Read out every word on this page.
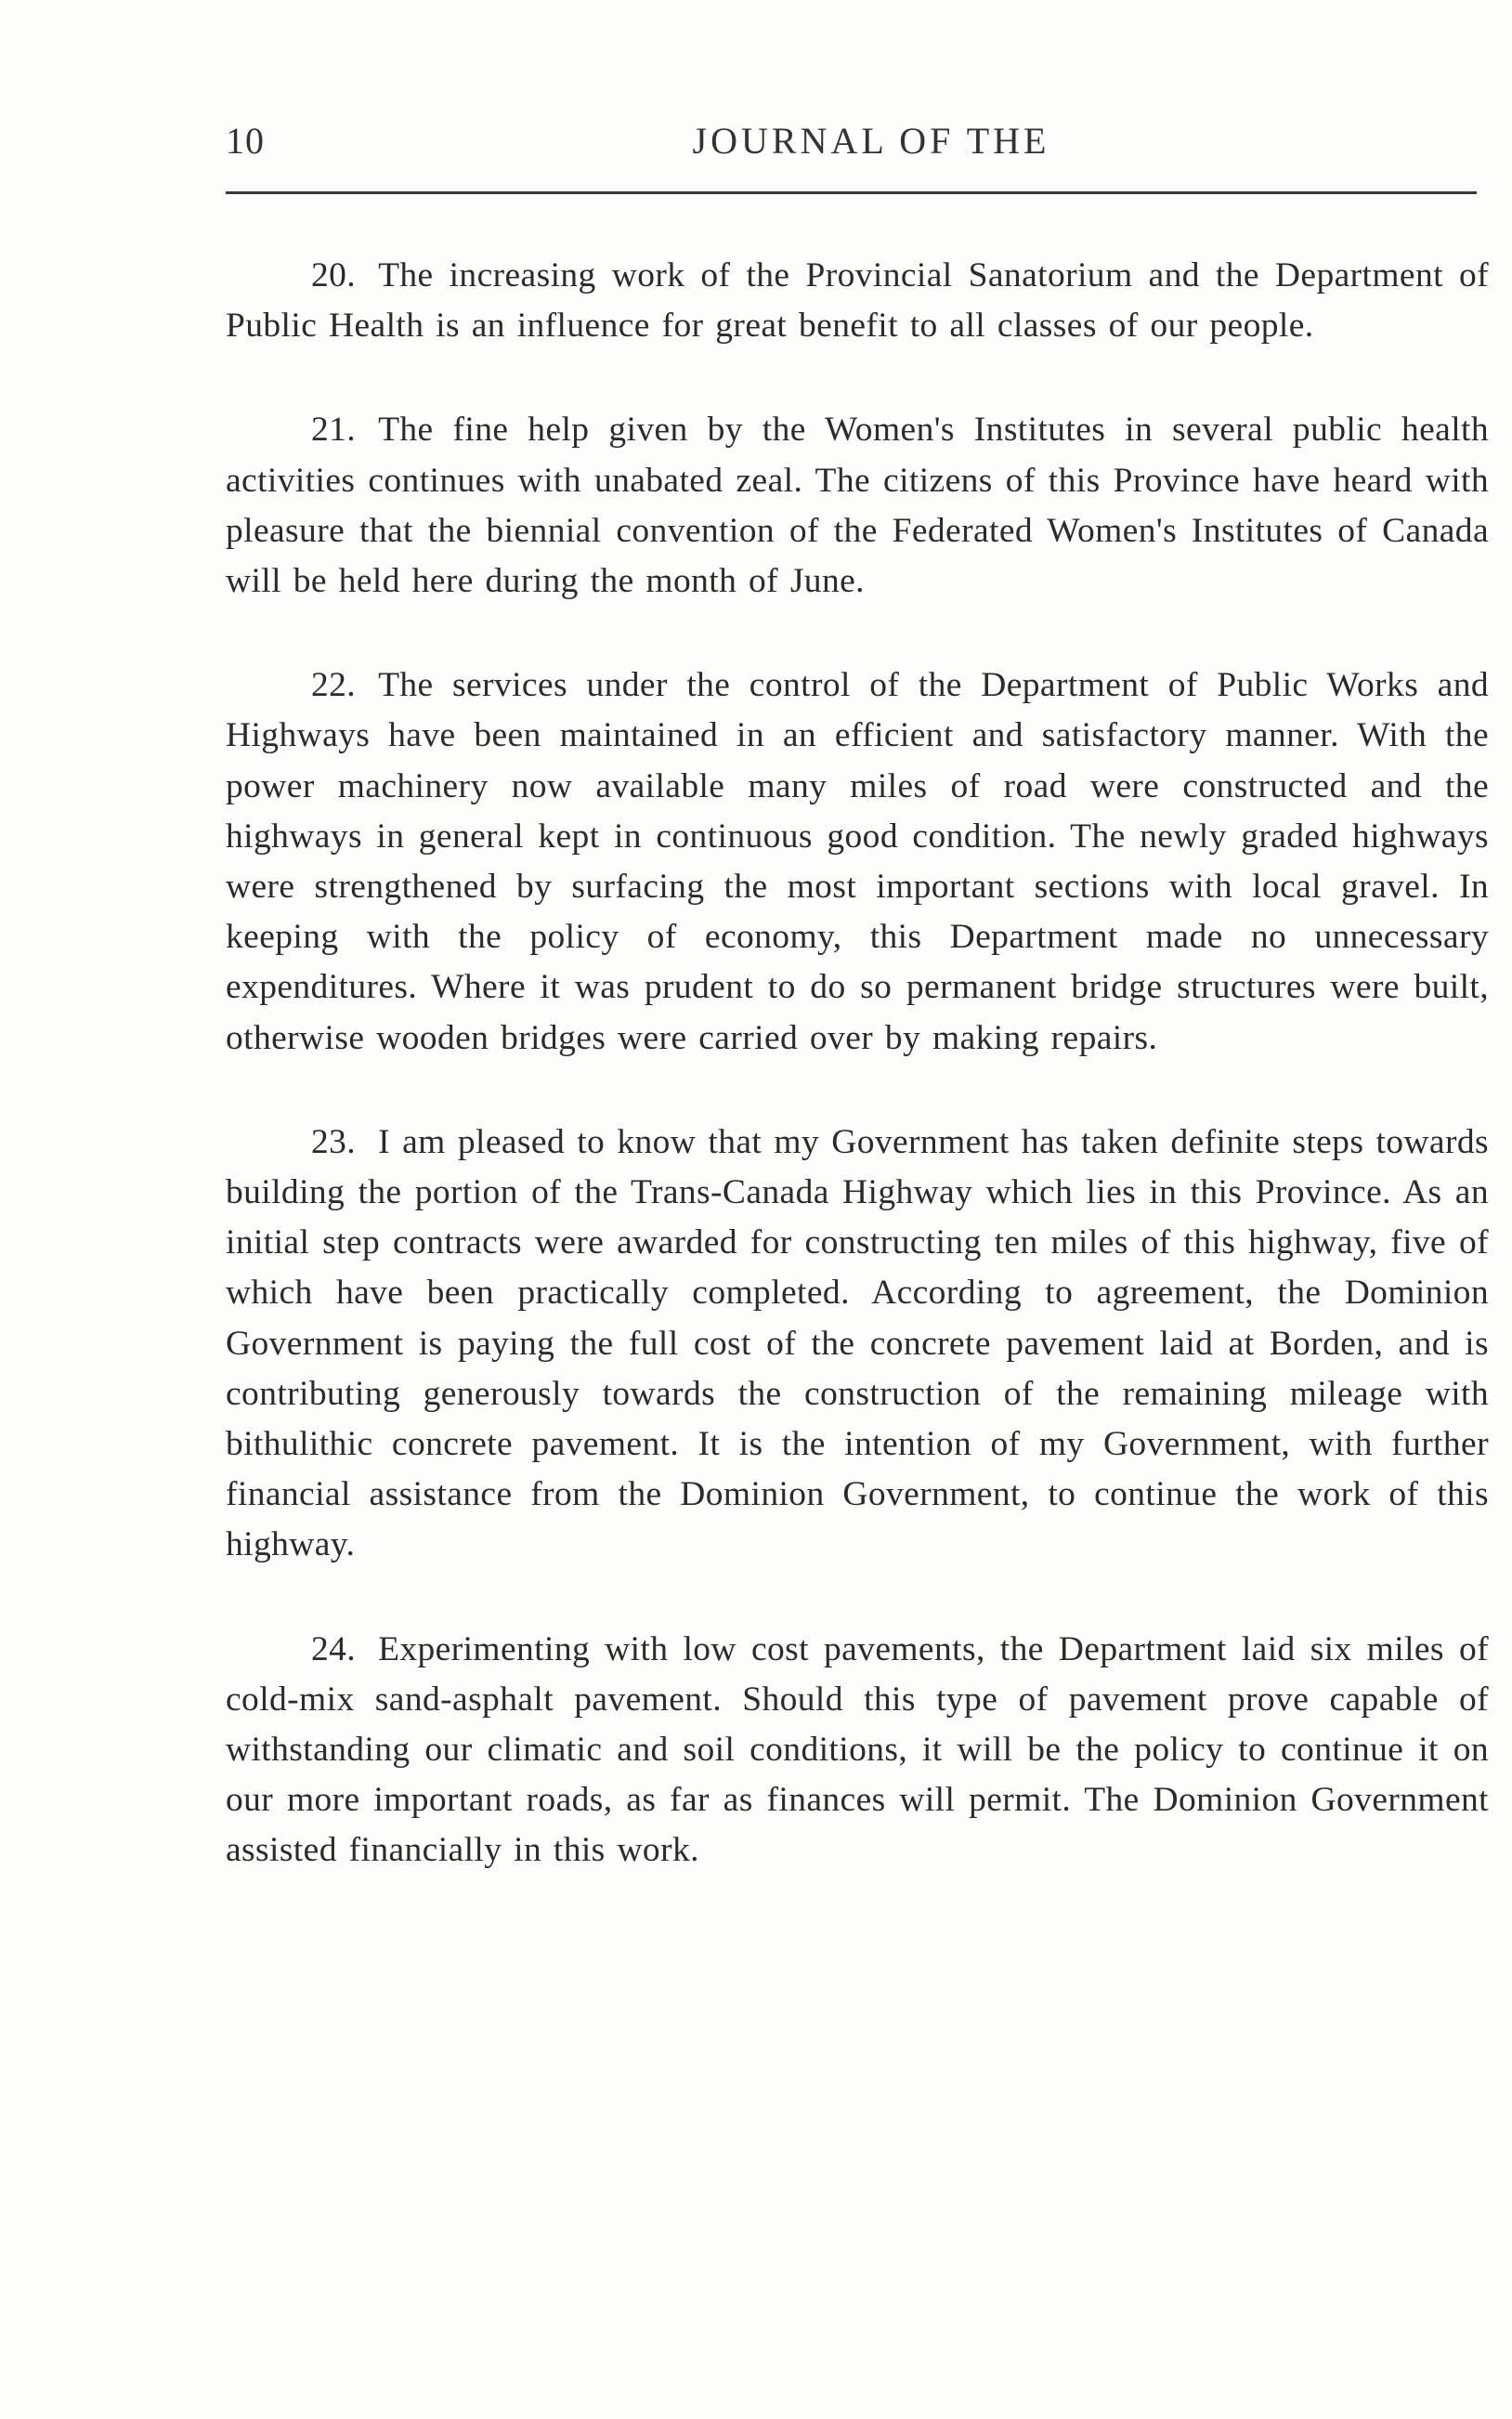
10	JOURNAL OF THE

20. The increasing work of the Provincial Sanatorium and the Department of Public Health is an influence for great benefit to all classes of our people.

21. The fine help given by the Women's Institutes in several public health activities continues with unabated zeal. The citizens of this Province have heard with pleasure that the biennial convention of the Federated Women's Institutes of Canada will be held here during the month of June.

22. The services under the control of the Department of Public Works and Highways have been maintained in an efficient and satisfactory manner. With the power machinery now available many miles of road were constructed and the highways in general kept in continuous good condition. The newly graded highways were strengthened by surfacing the most important sections with local gravel. In keeping with the policy of economy, this Department made no unnecessary expenditures. Where it was prudent to do so permanent bridge structures were built, otherwise wooden bridges were carried over by making repairs.

23. I am pleased to know that my Government has taken definite steps towards building the portion of the Trans-Canada Highway which lies in this Province. As an initial step contracts were awarded for constructing ten miles of this highway, five of which have been practically completed. According to agreement, the Dominion Government is paying the full cost of the concrete pavement laid at Borden, and is contributing generously towards the construction of the remaining mileage with bithulithic concrete pavement. It is the intention of my Government, with further financial assistance from the Dominion Government, to continue the work of this highway.

24. Experimenting with low cost pavements, the Department laid six miles of cold-mix sand-asphalt pavement. Should this type of pavement prove capable of withstanding our climatic and soil conditions, it will be the policy to continue it on our more important roads, as far as finances will permit. The Dominion Government assisted financially in this work.
